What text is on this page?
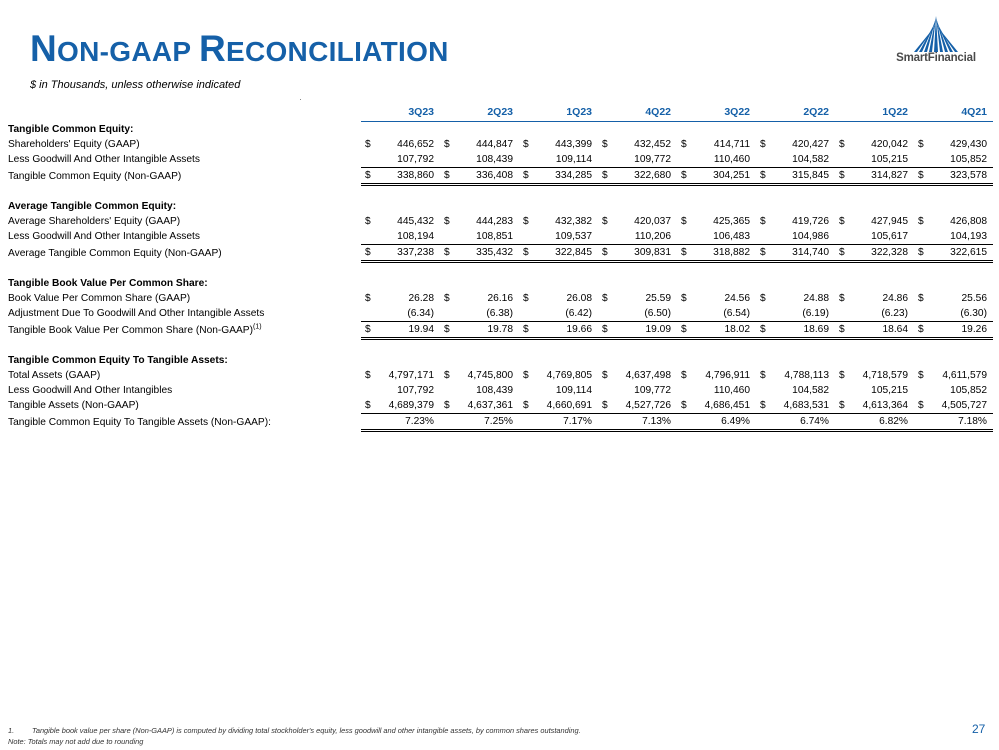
NON-GAAP RECONCILIATION
$ in Thousands, unless otherwise indicated
SmartFinancial
	3Q23		2Q23		1Q23		4Q22		3Q22		2Q22		1Q22		4Q21	
Tangible Common Equity:																
Shareholders' Equity (GAAP)	$	446,652	$	444,847	$	443,399	$	432,452	$	414,711	$	420,427	$	420,042	$	429,430
Less Goodwill And Other Intangible Assets		107,792		108,439		109,114		109,772		110,460		104,582		105,215		105,852
Tangible Common Equity (Non-GAAP)	$	338,860	$	336,408	$	334,285	$	322,680	$	304,251	$	315,845	$	314,827	$	323,578

Average Tangible Common Equity:																
Average Shareholders' Equity (GAAP)	$	445,432	$	444,283	$	432,382	$	420,037	$	425,365	$	419,726	$	427,945	$	426,808
Less Goodwill And Other Intangible Assets		108,194		108,851		109,537		110,206		106,483		104,986		105,617		104,193
Average Tangible Common Equity (Non-GAAP)	$	337,238	$	335,432	$	322,845	$	309,831	$	318,882	$	314,740	$	322,328	$	322,615

Tangible Book Value Per Common Share:																
Book Value Per Common Share (GAAP)	$	26.28	$	26.16	$	26.08	$	25.59	$	24.56	$	24.88	$	24.86	$	25.56
Adjustment Due To Goodwill And Other Intangible Assets		(6.34)		(6.38)		(6.42)		(6.50)		(6.54)		(6.19)		(6.23)		(6.30)
Tangible Book Value Per Common Share (Non-GAAP)$^{(1)}$	$	19.94	$	19.78	$	19.66	$	19.09	$	18.02	$	18.69	$	18.64	$	19.26

Tangible Common Equity To Tangible Assets:																
Total Assets (GAAP)	$	4,797,171	$	4,745,800	$	4,769,805	$	4,637,498	$	4,796,911	$	4,788,113	$	4,718,579	$	4,611,579
Less Goodwill And Other Intangibles		107,792		108,439		109,114		109,772		110,460		104,582		105,215		105,852
Tangible Assets (Non-GAAP)	$	4,689,379	$	4,637,361	$	4,660,691	$	4,527,726	$	4,686,451	$	4,683,531	$	4,613,364	$	4,505,727
Tangible Common Equity To Tangible Assets (Non-GAAP):		7.23%		7.25%		7.17%		7.13%		6.49%		6.74%		6.82%		7.18%
1. Tangible book value per share (Non-GAAP) is computed by dividing total stockholder's equity, less goodwill and other intangible assets, by common shares outstanding.
Note: Totals may not add due to rounding
27
